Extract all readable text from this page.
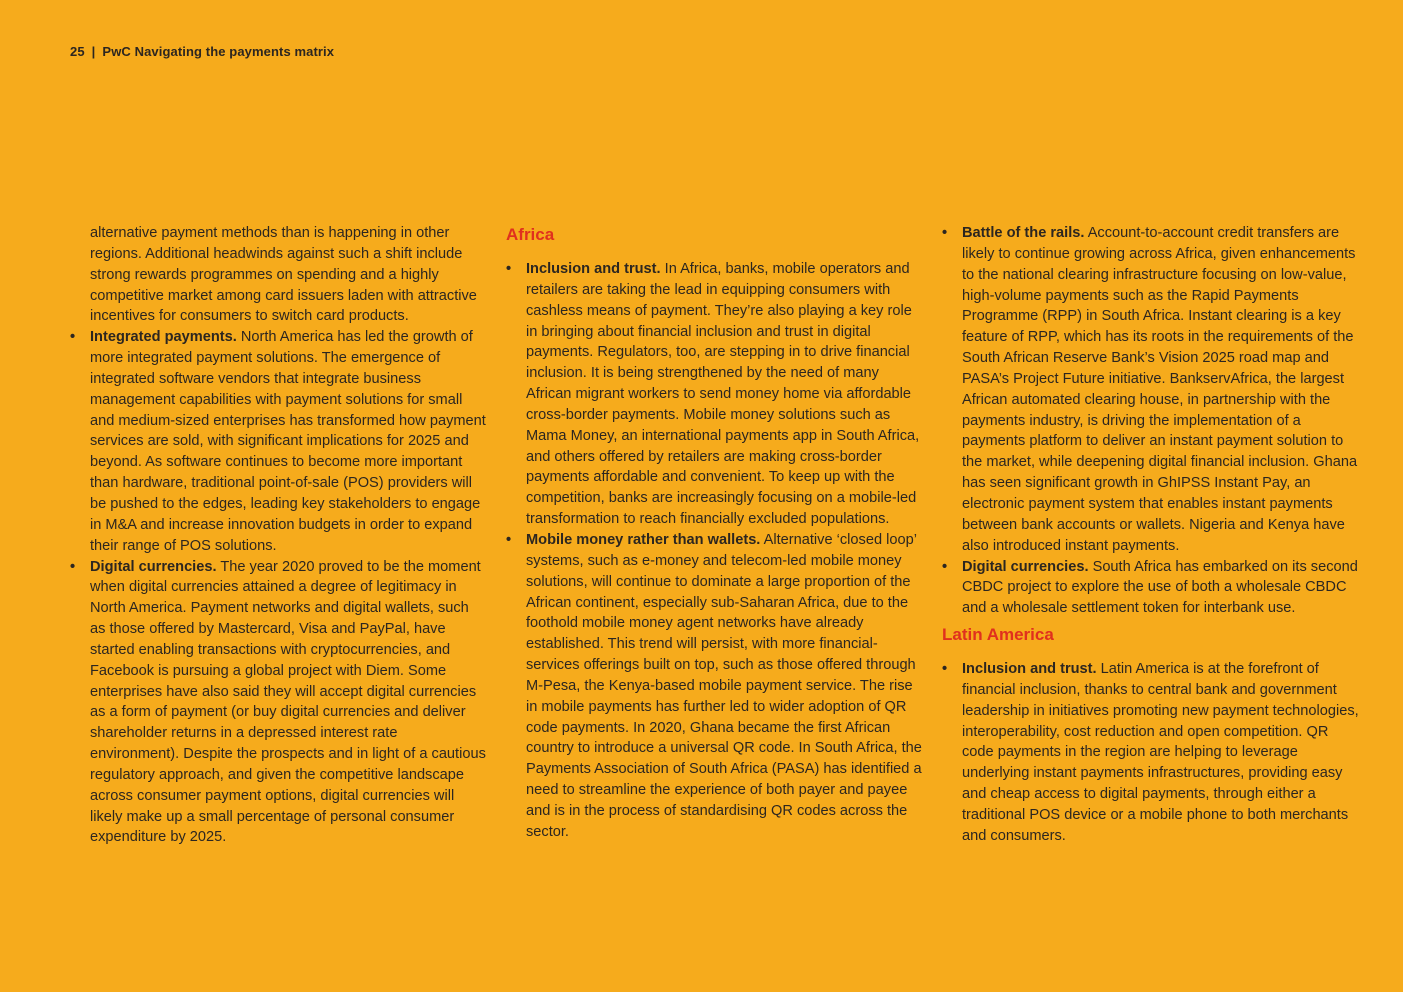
25 | PwC Navigating the payments matrix

alternative payment methods than is happening in other regions. Additional headwinds against such a shift include strong rewards programmes on spending and a highly competitive market among card issuers laden with attractive incentives for consumers to switch card products.

• Integrated payments. North America has led the growth of more integrated payment solutions. The emergence of integrated software vendors that integrate business management capabilities with payment solutions for small and medium-sized enterprises has transformed how payment services are sold, with significant implications for 2025 and beyond. As software continues to become more important than hardware, traditional point-of-sale (POS) providers will be pushed to the edges, leading key stakeholders to engage in M&A and increase innovation budgets in order to expand their range of POS solutions.

• Digital currencies. The year 2020 proved to be the moment when digital currencies attained a degree of legitimacy in North America. Payment networks and digital wallets, such as those offered by Mastercard, Visa and PayPal, have started enabling transactions with cryptocurrencies, and Facebook is pursuing a global project with Diem. Some enterprises have also said they will accept digital currencies as a form of payment (or buy digital currencies and deliver shareholder returns in a depressed interest rate environment). Despite the prospects and in light of a cautious regulatory approach, and given the competitive landscape across consumer payment options, digital currencies will likely make up a small percentage of personal consumer expenditure by 2025.

Africa

• Inclusion and trust. In Africa, banks, mobile operators and retailers are taking the lead in equipping consumers with cashless means of payment. They’re also playing a key role in bringing about financial inclusion and trust in digital payments. Regulators, too, are stepping in to drive financial inclusion. It is being strengthened by the need of many African migrant workers to send money home via affordable cross-border payments. Mobile money solutions such as Mama Money, an international payments app in South Africa, and others offered by retailers are making cross-border payments affordable and convenient. To keep up with the competition, banks are increasingly focusing on a mobile-led transformation to reach financially excluded populations.

• Mobile money rather than wallets. Alternative ‘closed loop’ systems, such as e-money and telecom-led mobile money solutions, will continue to dominate a large proportion of the African continent, especially sub-Saharan Africa, due to the foothold mobile money agent networks have already established. This trend will persist, with more financial-services offerings built on top, such as those offered through M-Pesa, the Kenya-based mobile payment service. The rise in mobile payments has further led to wider adoption of QR code payments. In 2020, Ghana became the first African country to introduce a universal QR code. In South Africa, the Payments Association of South Africa (PASA) has identified a need to streamline the experience of both payer and payee and is in the process of standardising QR codes across the sector.

• Battle of the rails. Account-to-account credit transfers are likely to continue growing across Africa, given enhancements to the national clearing infrastructure focusing on low-value, high-volume payments such as the Rapid Payments Programme (RPP) in South Africa. Instant clearing is a key feature of RPP, which has its roots in the requirements of the South African Reserve Bank’s Vision 2025 road map and PASA’s Project Future initiative. BankservAfrica, the largest African automated clearing house, in partnership with the payments industry, is driving the implementation of a payments platform to deliver an instant payment solution to the market, while deepening digital financial inclusion. Ghana has seen significant growth in GhIPSS Instant Pay, an electronic payment system that enables instant payments between bank accounts or wallets. Nigeria and Kenya have also introduced instant payments.

• Digital currencies. South Africa has embarked on its second CBDC project to explore the use of both a wholesale CBDC and a wholesale settlement token for interbank use.

Latin America

• Inclusion and trust. Latin America is at the forefront of financial inclusion, thanks to central bank and government leadership in initiatives promoting new payment technologies, interoperability, cost reduction and open competition. QR code payments in the region are helping to leverage underlying instant payments infrastructures, providing easy and cheap access to digital payments, through either a traditional POS device or a mobile phone to both merchants and consumers.
